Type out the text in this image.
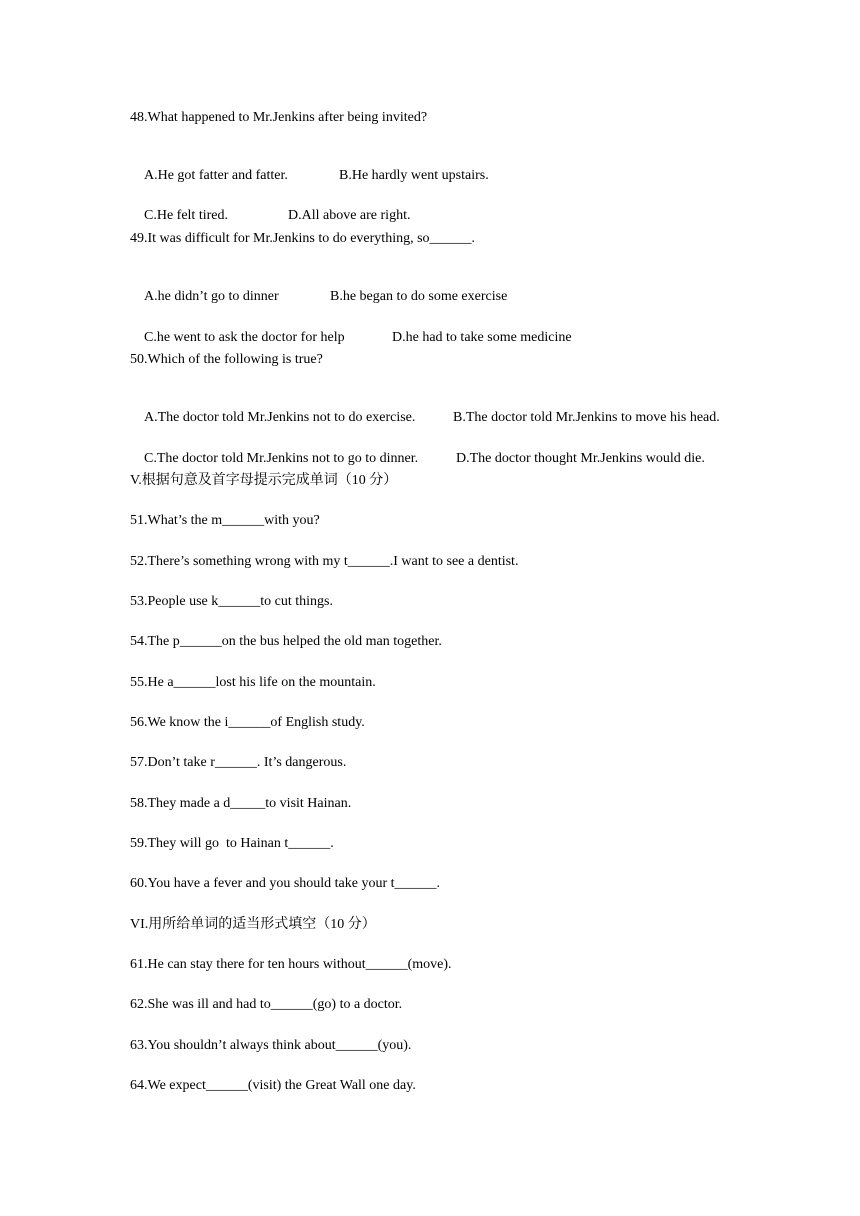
48.What happened to Mr.Jenkins after being invited?

A.He got fatter and fatter.	B.He hardly went upstairs.

C.He felt tired.	D.All above are right.

49.It was difficult for Mr.Jenkins to do everything, so______.

A.he didn’t go to dinner	B.he began to do some exercise

C.he went to ask the doctor for help	D.he had to take some medicine

50.Which of the following is true?

A.The doctor told Mr.Jenkins not to do exercise.	B.The doctor told Mr.Jenkins to move his head.

C.The doctor told Mr.Jenkins not to go to dinner.	D.The doctor thought Mr.Jenkins would die.

V.根据句意及首字母提示完成单词（10 分）
51.What’s the m______with you?
52.There’s something wrong with my t______.I want to see a dentist.
53.People use k______to cut things.
54.The p______on the bus helped the old man together.
55.He a______lost his life on the mountain.
56.We know the i______of English study.
57.Don’t take r______. It’s dangerous.
58.They made a d_____to visit Hainan.
59.They will go  to Hainan t______.
60.You have a fever and you should take your t______.
VI.用所给单词的适当形式填空（10 分）
61.He can stay there for ten hours without______(move).
62.She was ill and had to______(go) to a doctor.
63.You shouldn’t always think about______(you).
64.We expect______(visit) the Great Wall one day.
